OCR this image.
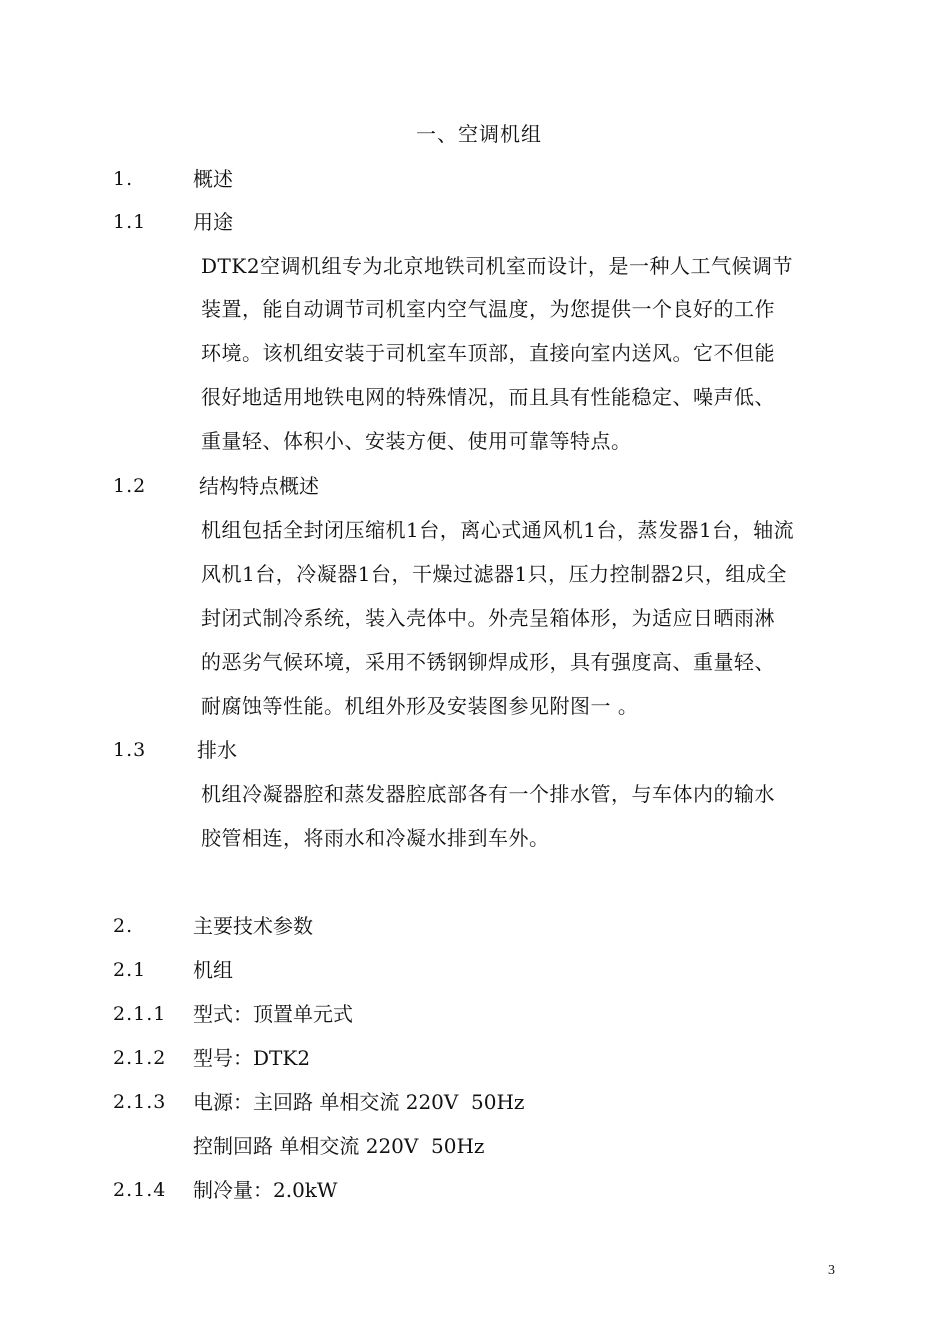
一、空调机组
1.	概述
1.1 用途
DTK2空调机组专为北京地铁司机室而设计，是一种人工气候调节
装置，能自动调节司机室内空气温度，为您提供一个良好的工作
环境。该机组安装于司机室车顶部，直接向室内送风。它不但能
很好地适用地铁电网的特殊情况，而且具有性能稳定、噪声低、
重量轻、体积小、安装方便、使用可靠等特点。
1.2	结构特点概述
机组包括全封闭压缩机1台，离心式通风机1台，蒸发器1台，轴流
风机1台，冷凝器1台，干燥过滤器1只，压力控制器2只，组成全
封闭式制冷系统，装入壳体中。外壳呈箱体形，为适应日晒雨淋
的恶劣气候环境，采用不锈钢铆焊成形，具有强度高、重量轻、
耐腐蚀等性能。机组外形及安装图参见附图一 。
1.3	排水
机组冷凝器腔和蒸发器腔底部各有一个排水管，与车体内的输水
胶管相连，将雨水和冷凝水排到车外。
2.	主要技术参数
2.1 机组
2.1.1 型式：顶置单元式
2.1.2 型号：DTK2
2.1.3 电源：主回路 单相交流 220V  50Hz
控制回路 单相交流 220V  50Hz
2.1.4 制冷量：2.0kW
3
